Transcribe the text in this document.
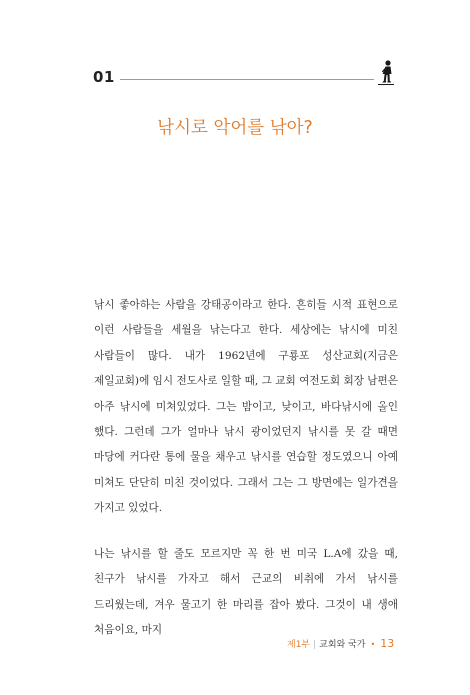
01
낚시로 악어를 낚아?

낚시 좋아하는 사람을 강태공이라고 한다. 흔히들 시적 표현으로 이런 사람들을 세월을 낚는다고 한다. 세상에는 낚시에 미친 사람들이 많다. 내가 1962년에 구룡포 성산교회(지금은 제일교회)에 임시 전도사로 일할 때, 그 교회 여전도회 회장 남편은 아주 낚시에 미쳐있었다. 그는 밤이고, 낮이고, 바다낚시에 올인 했다. 그런데 그가 얼마나 낚시 광이었던지 낚시를 못 갈 때면 마당에 커다란 통에 물을 채우고 낚시를 연습할 정도였으니 아예 미쳐도 단단히 미친 것이었다. 그래서 그는 그 방면에는 일가견을 가지고 있었다.

나는 낚시를 할 줄도 모르지만 꼭 한 번 미국 L.A에 갔을 때, 친구가 낚시를 가자고 해서 근교의 비취에 가서 낚시를 드리웠는데, 겨우 물고기 한 마리를 잡아 봤다. 그것이 내 생애 처음이요, 마지

제1부 | 교회와 국가 • 13
